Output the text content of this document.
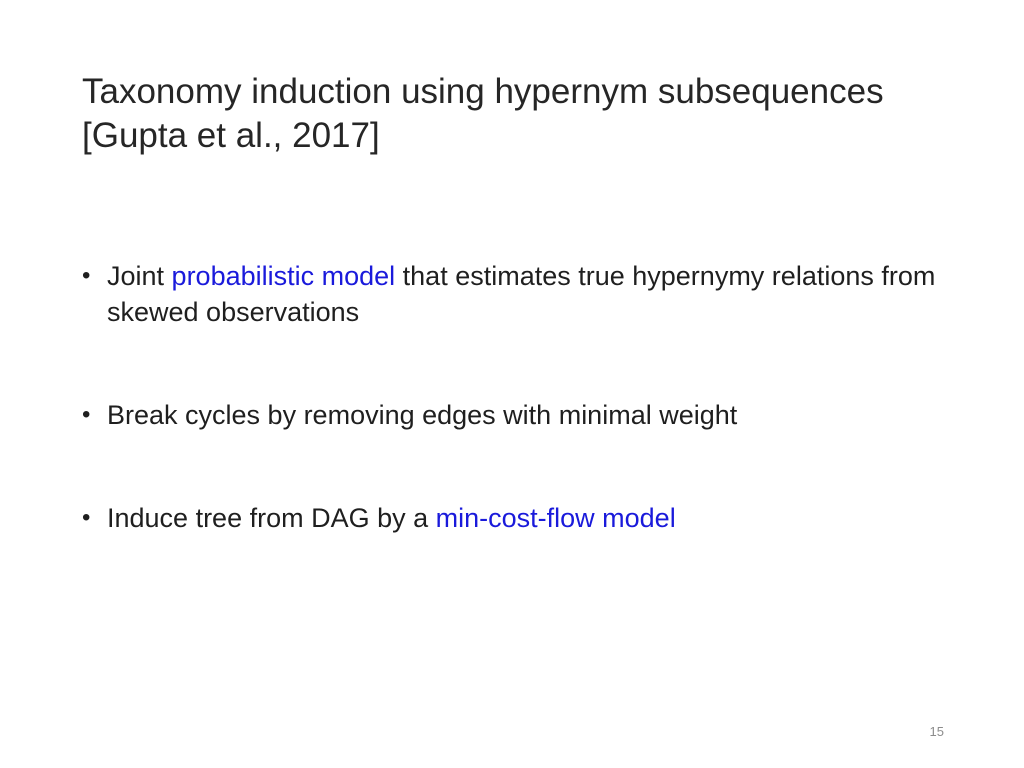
Taxonomy induction using hypernym subsequences
[Gupta et al., 2017]
• Joint probabilistic model that estimates true hypernymy relations from skewed observations
• Break cycles by removing edges with minimal weight
• Induce tree from DAG by a min-cost-flow model
15
